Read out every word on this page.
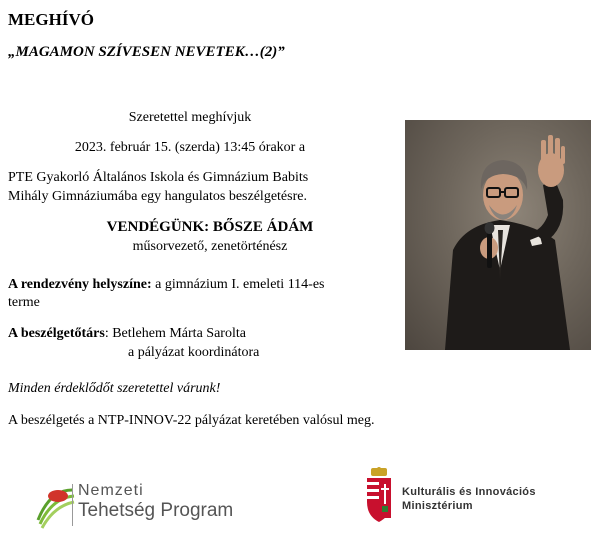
MEGHÍVÓ
„MAGAMON SZÍVESEN NEVETEK…(2)”
Szeretettel meghívjuk
2023. február 15. (szerda) 13:45 órakor a
PTE Gyakorló Általános Iskola és Gimnázium Babits
Mihály Gimnáziumába egy hangulatos beszélgetésre.
VENDÉGÜNK: BŐSZE ÁDÁM
műsorvezető, zenetörténész
A rendezvény helyszíne: a gimnázium I. emeleti 114-es
terme
A beszélgetőtárs: Betlehem Márta Sarolta
a pályázat koordinátora
Minden érdeklődőt szeretettel várunk!
A beszélgetés a NTP-INNOV-22 pályázat keretében valósul meg.
Nemzeti
Tehetség Program
Kulturális és Innovációs
Minisztérium
